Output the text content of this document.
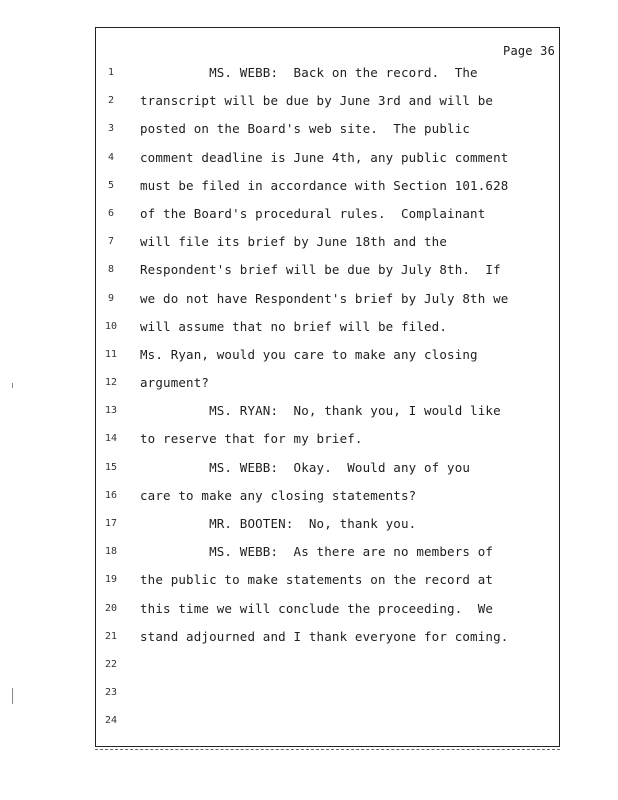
Page 36
1
2
3
4
5
6
7
8
9
10
11
12
13
14
15
16
17
18
19
20
21
22
23
24
MS. WEBB:  Back on the record.  The
transcript will be due by June 3rd and will be
posted on the Board's web site.  The public
comment deadline is June 4th, any public comment
must be filed in accordance with Section 101.628
of the Board's procedural rules.  Complainant
will file its brief by June 18th and the
Respondent's brief will be due by July 8th.  If
we do not have Respondent's brief by July 8th we
will assume that no brief will be filed.
Ms. Ryan, would you care to make any closing
argument?
MS. RYAN:  No, thank you, I would like
to reserve that for my brief.
MS. WEBB:  Okay.  Would any of you
care to make any closing statements?
MR. BOOTEN:  No, thank you.
MS. WEBB:  As there are no members of
the public to make statements on the record at
this time we will conclude the proceeding.  We
stand adjourned and I thank everyone for coming.
